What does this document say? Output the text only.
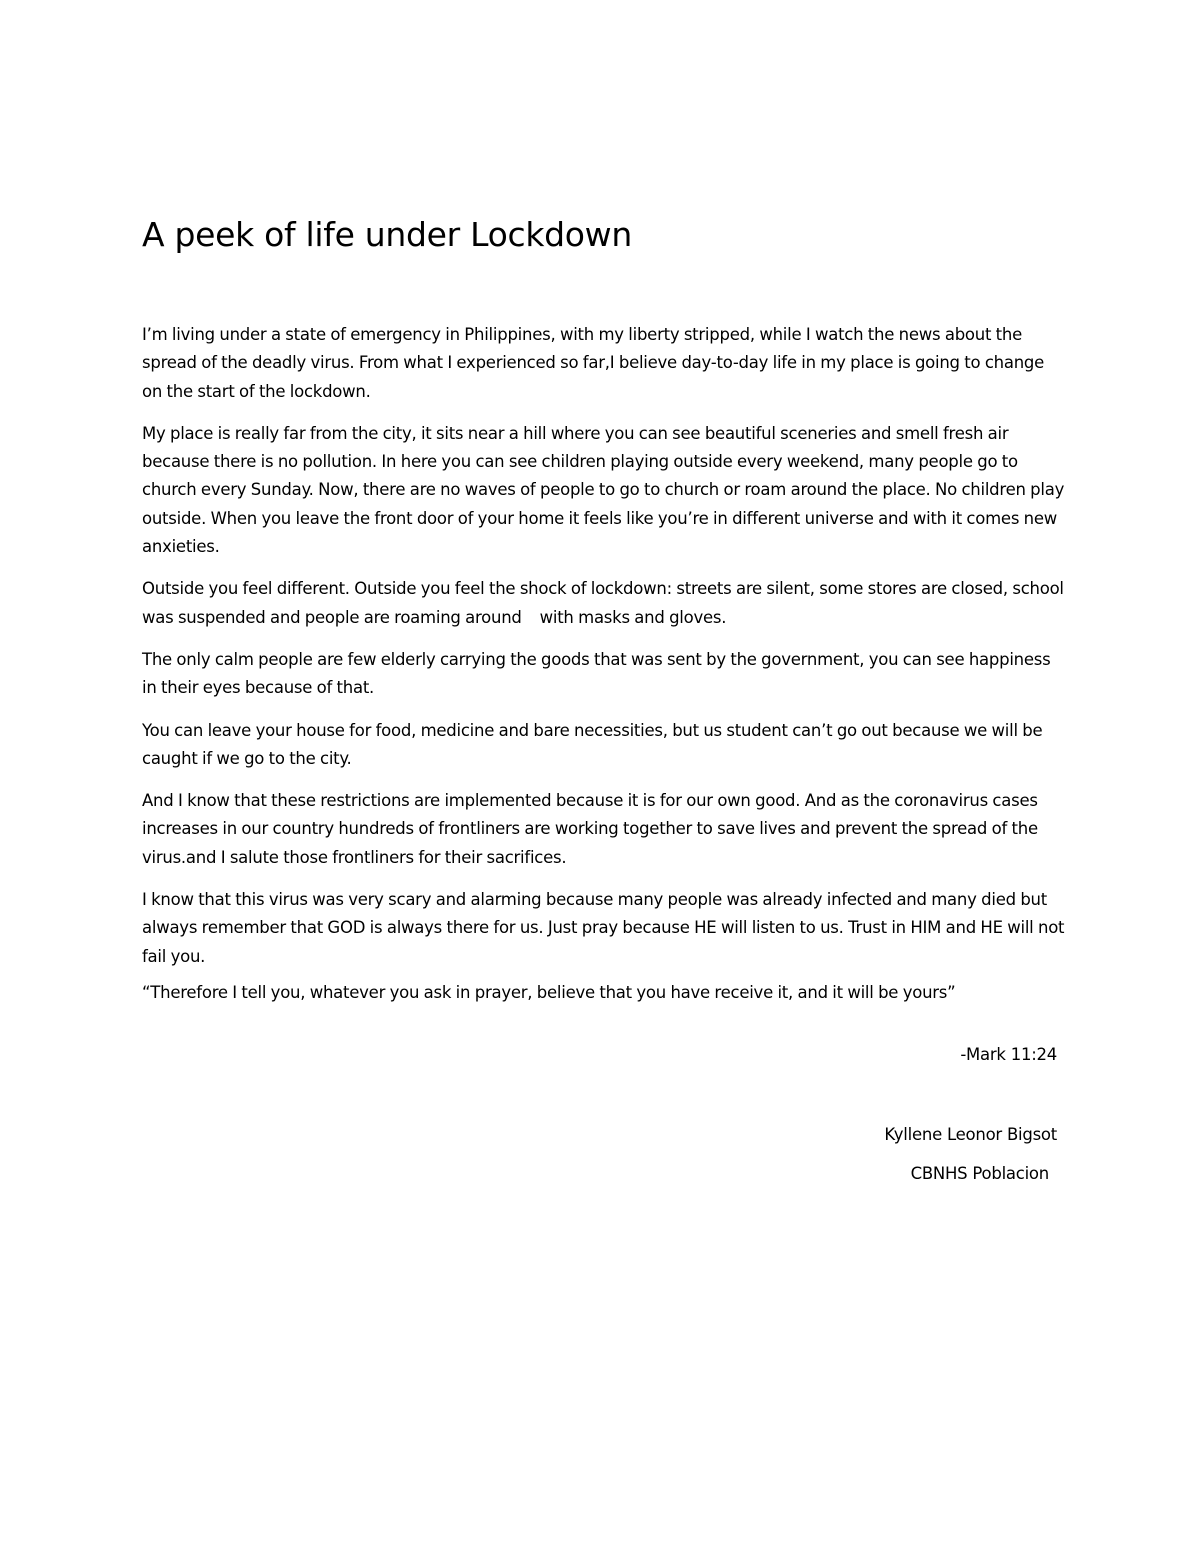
A peek of life under Lockdown

I’m living under a state of emergency in Philippines, with my liberty stripped, while I watch the news about the spread of the deadly virus. From what I experienced so far,I believe day-to-day life in my place is going to change on the start of the lockdown.

My place is really far from the city, it sits near a hill where you can see beautiful sceneries and smell fresh air because there is no pollution. In here you can see children playing outside every weekend, many people go to church every Sunday. Now, there are no waves of people to go to church or roam around the place. No children play outside. When you leave the front door of your home it feels like you’re in different universe and with it comes new anxieties.

Outside you feel different. Outside you feel the shock of lockdown: streets are silent, some stores are closed, school was suspended and people are roaming around    with masks and gloves.

The only calm people are few elderly carrying the goods that was sent by the government, you can see happiness in their eyes because of that.

You can leave your house for food, medicine and bare necessities, but us student can’t go out because we will be caught if we go to the city.

And I know that these restrictions are implemented because it is for our own good. And as the coronavirus cases increases in our country hundreds of frontliners are working together to save lives and prevent the spread of the virus.and I salute those frontliners for their sacrifices.

I know that this virus was very scary and alarming because many people was already infected and many died but always remember that GOD is always there for us. Just pray because HE will listen to us. Trust in HIM and HE will not fail you.

“Therefore I tell you, whatever you ask in prayer, believe that you have receive it, and it will be yours”

-Mark 11:24

Kyllene Leonor Bigsot

CBNHS Poblacion
